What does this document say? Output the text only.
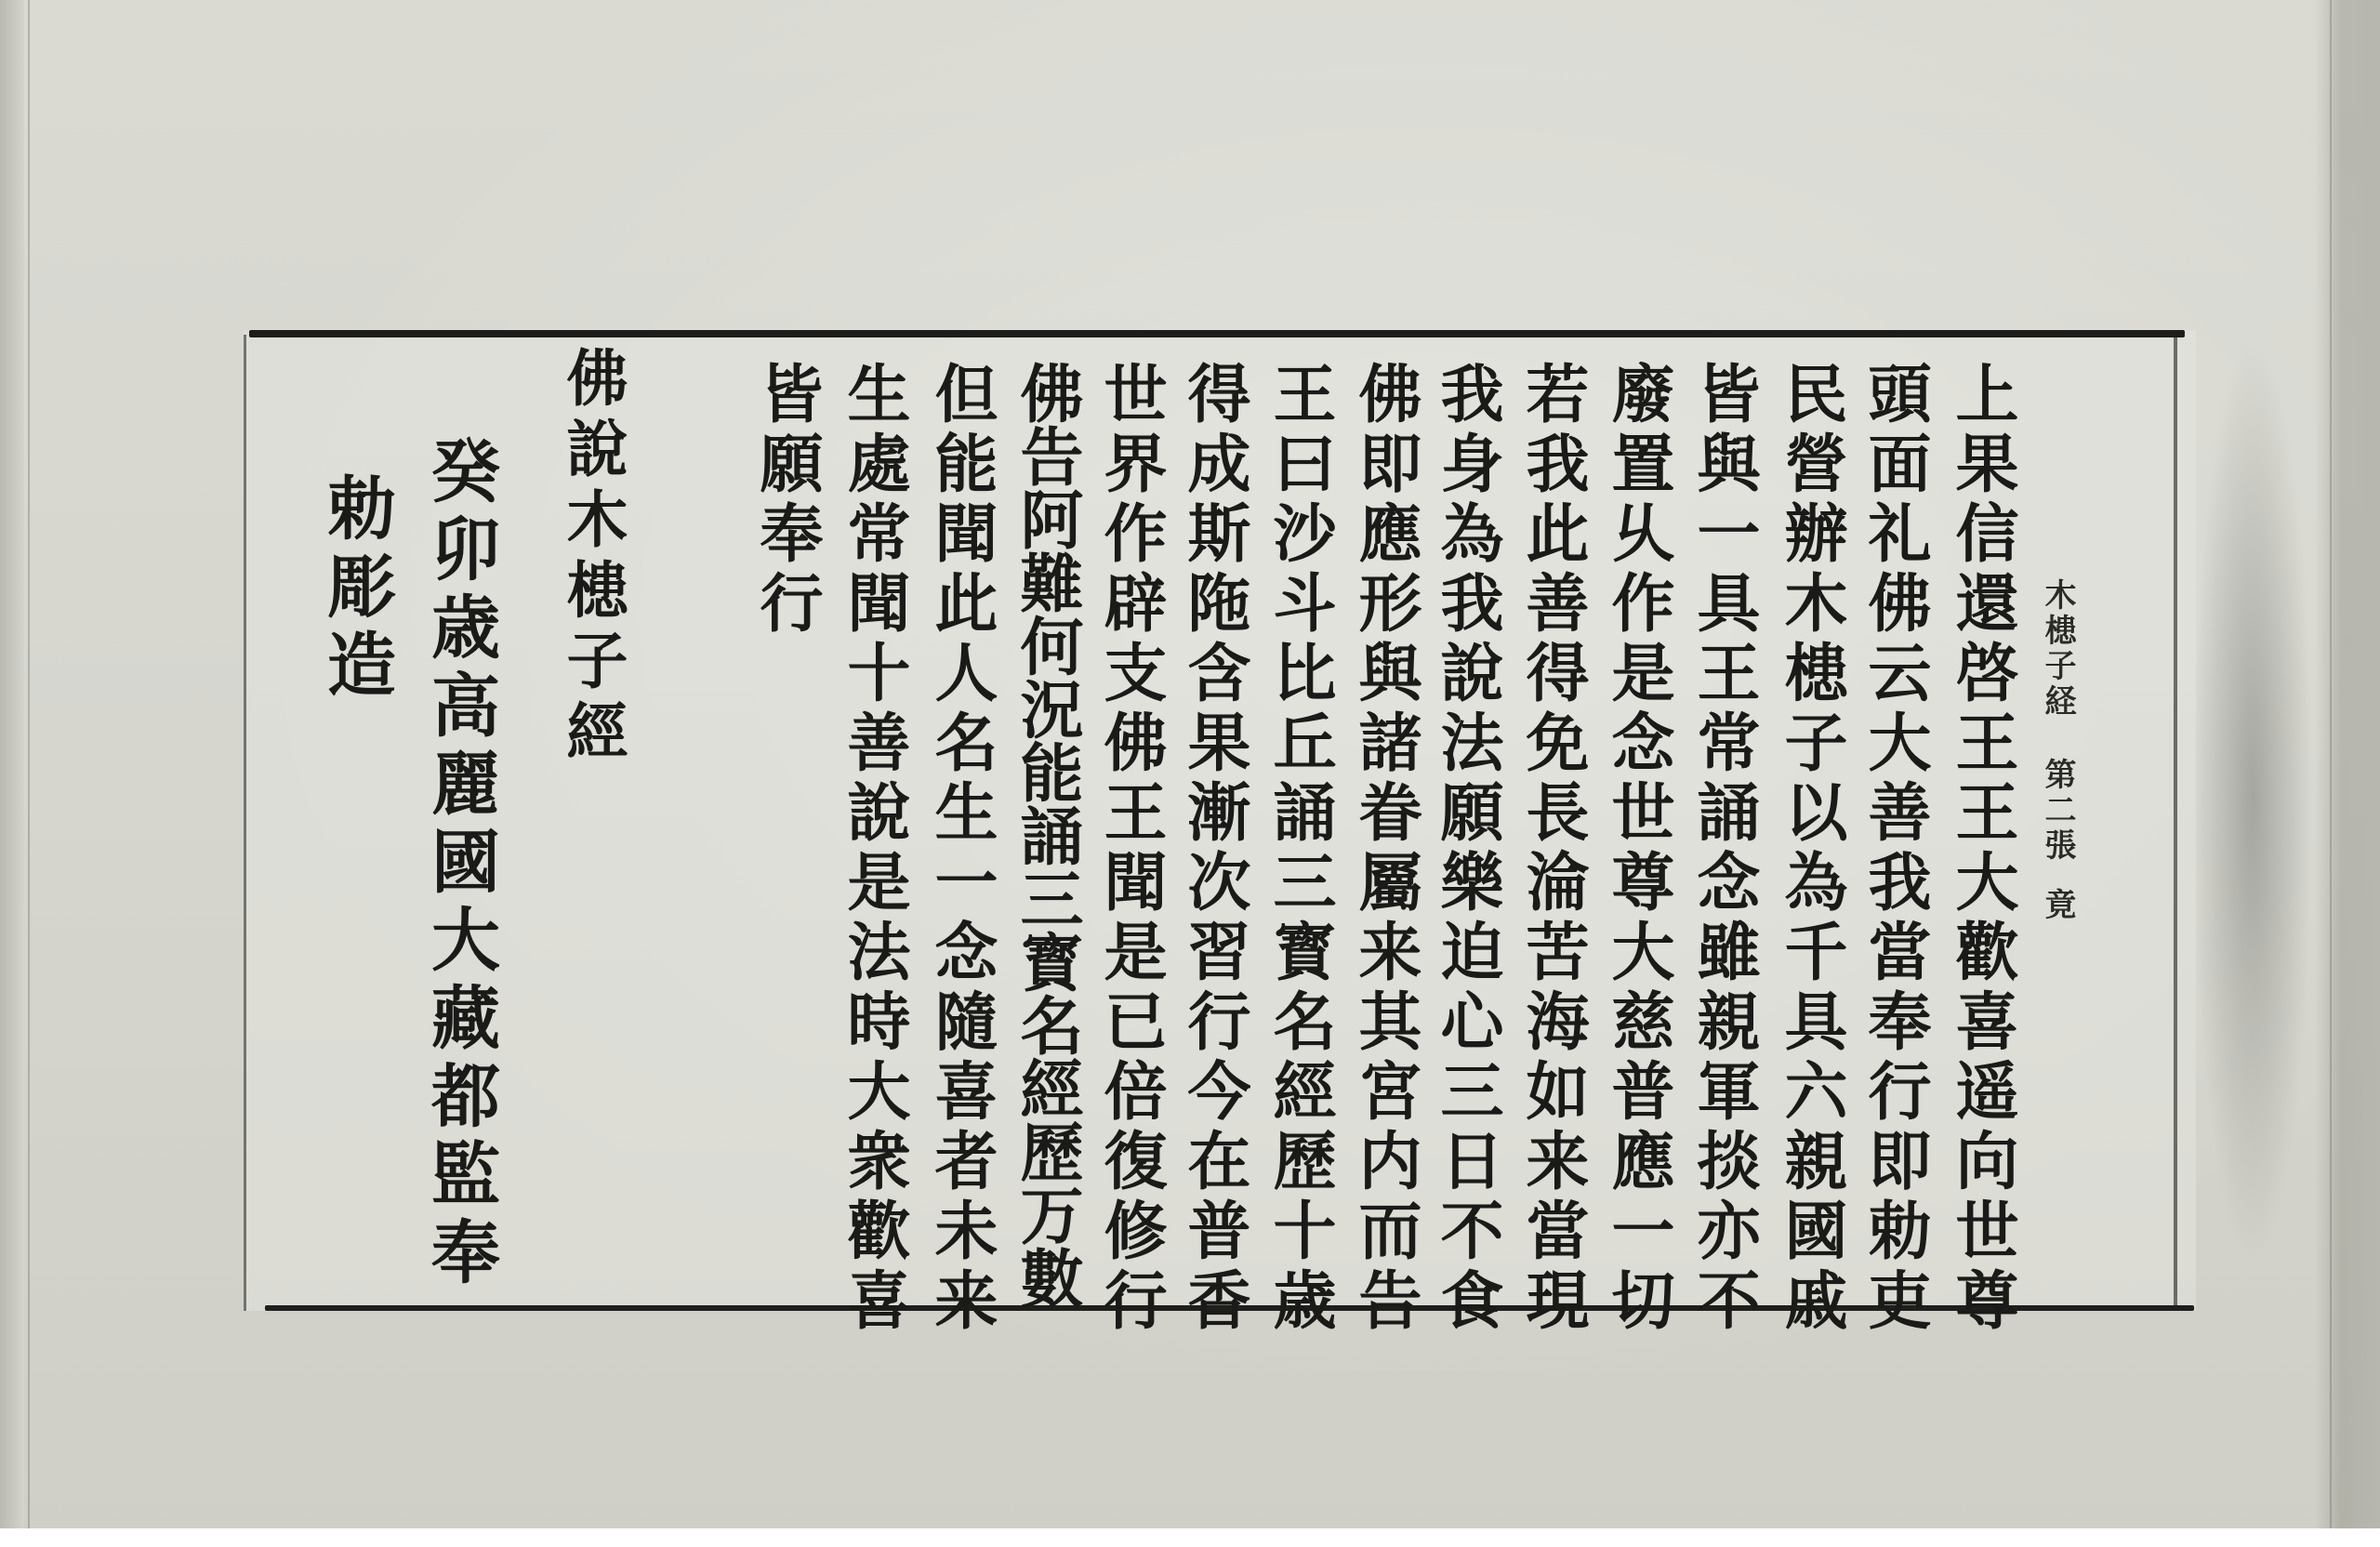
木槵子経
第二張
竟
上果信還啓王王大歡喜遥向世尊
頭面礼佛云大善我當奉行即勅吏
民營辦木槵子以為千具六親國戚
皆與一具王常誦念雖親軍掞亦不
廢置乆作是念世尊大慈普應一切
若我此善得免長淪苦海如来當現
我身為我說法願樂迫心三日不食
佛即應形與諸眷屬来其宮内而告
王曰沙斗比丘誦三寳名經歷十歳
得成斯陁含果漸次習行今在普香
世界作辟支佛王聞是已倍復修行
佛告阿難何況能誦三寳名經歷万數
但能聞此人名生一念隨喜者未来
生處常聞十善說是法時大衆歡喜
皆願奉行
佛說木槵子經
癸卯歳高麗國大藏都監奉
勅彫造
